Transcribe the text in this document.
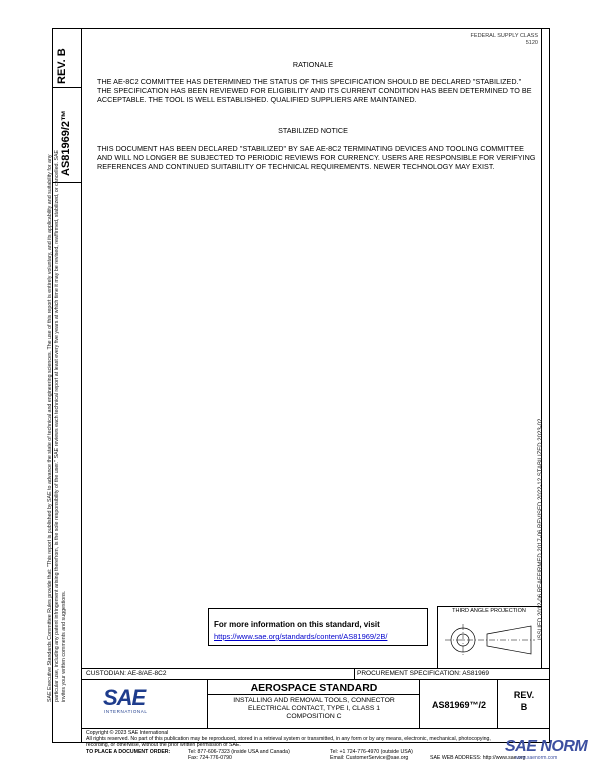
REV. B
AS81969/2™
FEDERAL SUPPLY CLASS
5120
RATIONALE
THE AE-8C2 COMMITTEE HAS DETERMINED THE STATUS OF THIS SPECIFICATION SHOULD BE DECLARED "STABILIZED." THE SPECIFICATION HAS BEEN REVIEWED FOR ELIGIBILITY AND ITS CURRENT CONDITION HAS BEEN DETERMINED TO BE ACCEPTABLE. THE TOOL IS WELL ESTABLISHED. QUALIFIED SUPPLIERS ARE MAINTAINED.
STABILIZED NOTICE
THIS DOCUMENT HAS BEEN DECLARED "STABILIZED" BY SAE AE-8C2 TERMINATING DEVICES AND TOOLING COMMITTEE AND WILL NO LONGER BE SUBJECTED TO PERIODIC REVIEWS FOR CURRENCY. USERS ARE RESPONSIBLE FOR VERIFYING REFERENCES AND CONTINUED SUITABILITY OF TECHNICAL REQUIREMENTS. NEWER TECHNOLOGY MAY EXIST.
SAE Executive Standards Committee Rules provide that: "This report is published by SAE to advance the state of technical and engineering sciences. The use of this report is entirely voluntary, and its applicability and suitability for any particular use, including any patent infringement arising therefrom, is the sole responsibility of the user." SAE reviews each technical report at least every five years at which time it may be revised, reaffirmed, stabilized, or cancelled. SAE invites your written comments and suggestions.
ISSUED 2012-06 REAFFIRMED 2017-06 REVISED 2022-12 STABILIZED 2023-02
For more information on this standard, visit
https://www.sae.org/standards/content/AS81969/2B/
THIRD ANGLE PROJECTION
CUSTODIAN: AE-8/AE-8C2	PROCUREMENT SPECIFICATION: AS81969
SAE
INTERNATIONAL
AEROSPACE STANDARD
INSTALLING AND REMOVAL TOOLS, CONNECTOR
ELECTRICAL CONTACT, TYPE I, CLASS 1
COMPOSITION C
AS81969™/2
REV.
B
Copyright © 2023 SAE International
All rights reserved. No part of this publication may be reproduced, stored in a retrieval system or transmitted, in any form or by any means, electronic, mechanical, photocopying,
recording, or otherwise, without the prior written permission of SAE.
TO PLACE A DOCUMENT ORDER:	Tel: 877-606-7323 (inside USA and Canada)
Fax: 724-776-0790
Tel: +1 724-776-4970 (outside USA)
Email: CustomerService@sae.org	SAE WEB ADDRESS: http://www.sae.org
SAE NORM
www.saenorm.com
